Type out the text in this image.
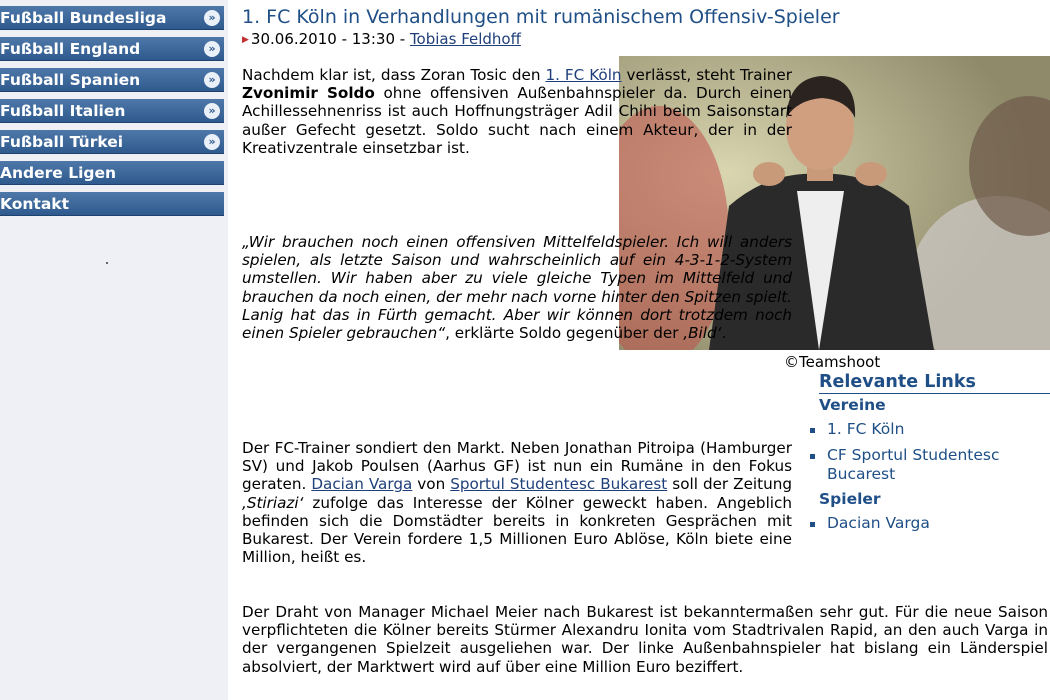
Fußball Bundesliga	»
Fußball England	»
Fußball Spanien	»
Fußball Italien	»
Fußball Türkei	»
Andere Ligen
Kontakt
1. FC Köln in Verhandlungen mit rumänischem Offensiv-Spieler
▶ 30.06.2010 - 13:30 - Tobias Feldhoff
©Teamshoot

Nachdem klar ist, dass Zoran Tosic den 1. FC Köln verlässt, steht Trainer Zvonimir Soldo ohne offensiven Außenbahnspieler da. Durch einen Achillessehnenriss ist auch Hoffnungsträger Adil Chihi beim Saisonstart außer Gefecht gesetzt. Soldo sucht nach einem Akteur, der in der Kreativzentrale einsetzbar ist.

„Wir brauchen noch einen offensiven Mittelfeldspieler. Ich will anders spielen, als letzte Saison und wahrscheinlich auf ein 4-3-1-2-System umstellen. Wir haben aber zu viele gleiche Typen im Mittelfeld und brauchen da noch einen, der mehr nach vorne hinter den Spitzen spielt. Lanig hat das in Fürth gemacht. Aber wir können dort trotzdem noch einen Spieler gebrauchen“, erklärte Soldo gegenüber der ‚Bild‘.

Der FC-Trainer sondiert den Markt. Neben Jonathan Pitroipa (Hamburger SV) und Jakob Poulsen (Aarhus GF) ist nun ein Rumäne in den Fokus geraten. Dacian Varga von Sportul Studentesc Bukarest soll der Zeitung ‚Stiriazi‘ zufolge das Interesse der Kölner geweckt haben. Angeblich befinden sich die Domstädter bereits in konkreten Gesprächen mit Bukarest. Der Verein fordere 1,5 Millionen Euro Ablöse, Köln biete eine Million, heißt es.

Der Draht von Manager Michael Meier nach Bukarest ist bekanntermaßen sehr gut. Für die neue Saison verpflichteten die Kölner bereits Stürmer Alexandru Ionita vom Stadtrivalen Rapid, an den auch Varga in der vergangenen Spielzeit ausgeliehen war. Der linke Außenbahnspieler hat bislang ein Länderspiel absolviert, der Marktwert wird auf über eine Million Euro beziffert.

Relevante Links
Vereine
1. FC Köln
CF Sportul Studentesc Bucarest
Spieler
Dacian Varga
